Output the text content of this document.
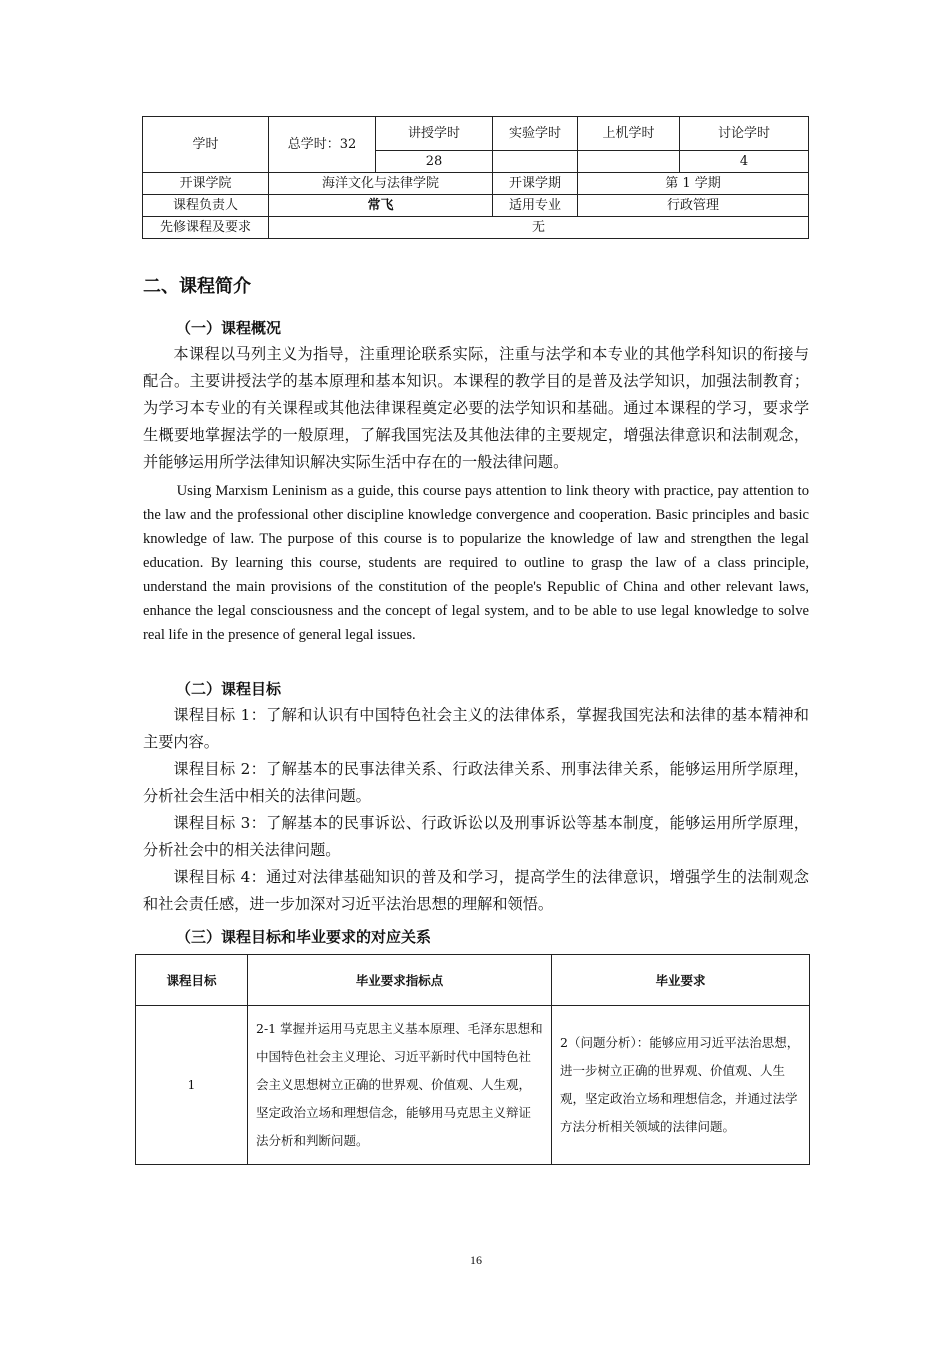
学时	总学时：32	讲授学时	实验学时	上机学时	讨论学时
		28			4
开课学院	海洋文化与法律学院		开课学期	第 1 学期	
课程负责人	常飞		适用专业	行政管理	
先修课程及要求	无				
二、课程简介
（一）课程概况

本课程以马列主义为指导，注重理论联系实际，注重与法学和本专业的其他学科知识的衔接与配合。主要讲授法学的基本原理和基本知识。本课程的教学目的是普及法学知识，加强法制教育；为学习本专业的有关课程或其他法律课程奠定必要的法学知识和基础。通过本课程的学习，要求学生概要地掌握法学的一般原理，了解我国宪法及其他法律的主要规定，增强法律意识和法制观念，并能够运用所学法律知识解决实际生活中存在的一般法律问题。

Using Marxism Leninism as a guide, this course pays attention to link theory with practice, pay attention to the law and the professional other discipline knowledge convergence and cooperation. Basic principles and basic knowledge of law. The purpose of this course is to popularize the knowledge of law and strengthen the legal education. By learning this course, students are required to outline to grasp the law of a class principle, understand the main provisions of the constitution of the people's Republic of China and other relevant laws, enhance the legal consciousness and the concept of legal system, and to be able to use legal knowledge to solve real life in the presence of general legal issues.

（二）课程目标

课程目标 1：了解和认识有中国特色社会主义的法律体系，掌握我国宪法和法律的基本精神和主要内容。

课程目标 2：了解基本的民事法律关系、行政法律关系、刑事法律关系，能够运用所学原理，分析社会生活中相关的法律问题。

课程目标 3：了解基本的民事诉讼、行政诉讼以及刑事诉讼等基本制度，能够运用所学原理，分析社会中的相关法律问题。

课程目标 4：通过对法律基础知识的普及和学习，提高学生的法律意识，增强学生的法制观念和社会责任感，进一步加深对习近平法治思想的理解和领悟。

（三）课程目标和毕业要求的对应关系
课程目标	毕业要求指标点	毕业要求
1	2-1 掌握并运用马克思主义基本原理、毛泽东思想和中国特色社会主义理论、习近平新时代中国特色社会主义思想树立正确的世界观、价值观、人生观，坚定政治立场和理想信念，能够用马克思主义辩证法分析和判断问题。	2（问题分析）：能够应用习近平法治思想，进一步树立正确的世界观、价值观、人生观，坚定政治立场和理想信念，并通过法学方法分析相关领域的法律问题。
16
